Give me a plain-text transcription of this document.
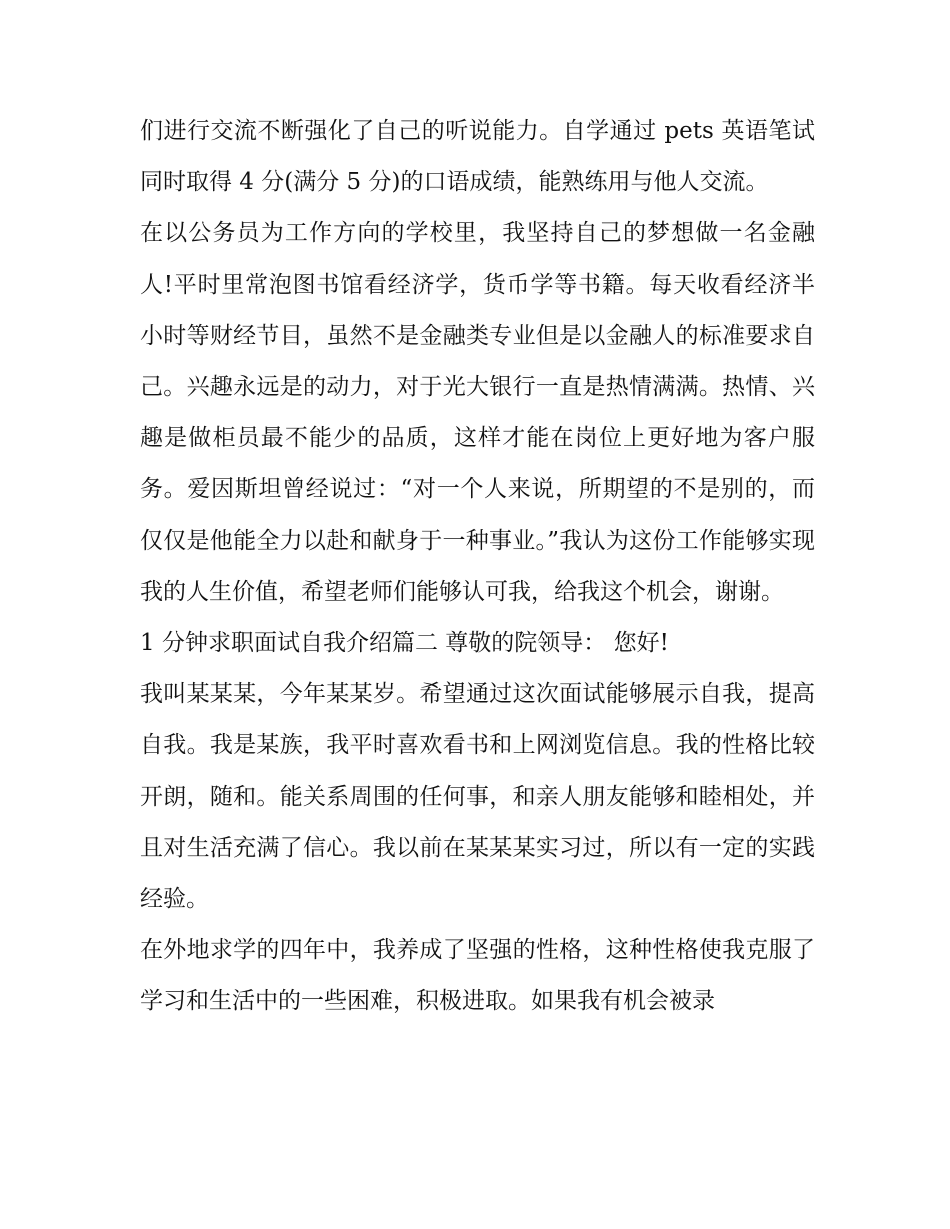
们进行交流不断强化了自己的听说能力。自学通过 pets 英语笔试同时取得 4 分(满分 5 分)的口语成绩，能熟练用与他人交流。

在以公务员为工作方向的学校里，我坚持自己的梦想做一名金融人!平时里常泡图书馆看经济学，货币学等书籍。每天收看经济半小时等财经节目，虽然不是金融类专业但是以金融人的标准要求自己。兴趣永远是的动力，对于光大银行一直是热情满满。热情、兴趣是做柜员最不能少的品质，这样才能在岗位上更好地为客户服务。爱因斯坦曾经说过：“对一个人来说，所期望的不是别的，而仅仅是他能全力以赴和献身于一种事业。”我认为这份工作能够实现我的人生价值，希望老师们能够认可我，给我这个机会，谢谢。

1 分钟求职面试自我介绍篇二 尊敬的院领导： 您好!

我叫某某某，今年某某岁。希望通过这次面试能够展示自我，提高自我。我是某族，我平时喜欢看书和上网浏览信息。我的性格比较开朗，随和。能关系周围的任何事，和亲人朋友能够和睦相处，并且对生活充满了信心。我以前在某某某实习过，所以有一定的实践经验。

在外地求学的四年中，我养成了坚强的性格，这种性格使我克服了学习和生活中的一些困难，积极进取。如果我有机会被录
